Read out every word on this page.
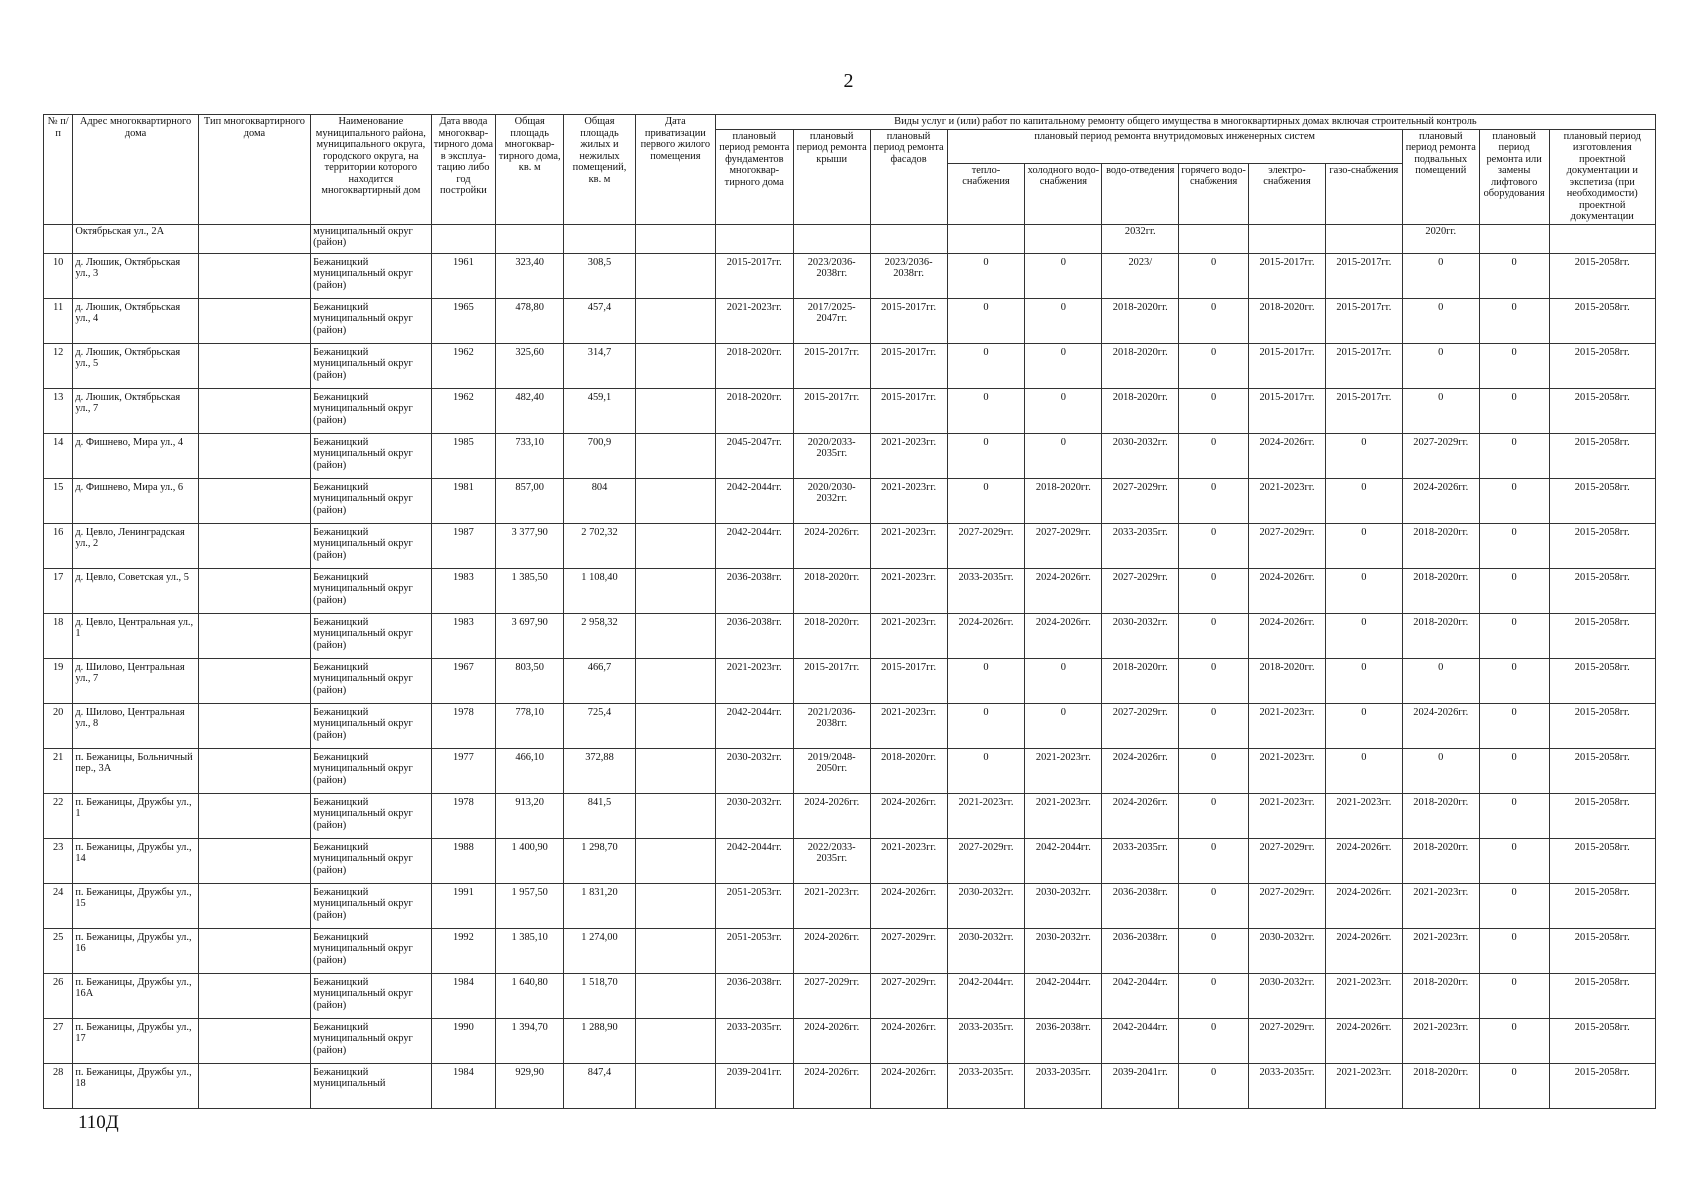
2
№ п/п	Адрес многоквартирного дома	Тип многоквартирного дома	Наименование муниципального района, муниципального округа, городского округа, на территории которого находится многоквартирный дом	Дата ввода многоквар-тирного дома в эксплуа-тацию либо год постройки	Общая площадь многоквар-тирного дома, кв. м	Общая площадь жилых и нежилых помещений, кв. м	Дата приватизации первого жилого помещения	Виды услуг и (или) работ по капитальному ремонту общего имущества в многоквартирных домах включая строительный контроль											
								плановый период ремонта фундаментов многоквар-тирного дома	плановый период ремонта крыши	плановый период ремонта фасадов	плановый период ремонта внутридомовых инженерных систем						плановый период ремонта подвальных помещений	плановый период ремонта или замены лифтового оборудования	плановый период изготовления проектной документации и экспетиза (при необходимости) проектной документации
											тепло-снабжения	холодного водо-снабжения	водо-отведения	горячего водо-снабжения	электро-снабжения	газо-снабжения			
	Октябрьская ул., 2А		муниципальный округ (район)										2032гг.				2020гг.		
10	д. Люшик, Октябрьская ул., 3		Бежаницкий муниципальный округ (район)	1961	323,40	308,5		2015-2017гг.	2023/2036-2038гг.	2023/2036-2038гг.	0	0	2023/	0	2015-2017гг.	2015-2017гг.	0	0	2015-2058гг.
11	д. Люшик, Октябрьская ул., 4		Бежаницкий муниципальный округ (район)	1965	478,80	457,4		2021-2023гг.	2017/2025-2047гг.	2015-2017гг.	0	0	2018-2020гг.	0	2018-2020гг.	2015-2017гг.	0	0	2015-2058гг.
12	д. Люшик, Октябрьская ул., 5		Бежаницкий муниципальный округ (район)	1962	325,60	314,7		2018-2020гг.	2015-2017гг.	2015-2017гг.	0	0	2018-2020гг.	0	2015-2017гг.	2015-2017гг.	0	0	2015-2058гг.
13	д. Люшик, Октябрьская ул., 7		Бежаницкий муниципальный округ (район)	1962	482,40	459,1		2018-2020гг.	2015-2017гг.	2015-2017гг.	0	0	2018-2020гг.	0	2015-2017гг.	2015-2017гг.	0	0	2015-2058гг.
14	д. Фишнево, Мира ул., 4		Бежаницкий муниципальный округ (район)	1985	733,10	700,9		2045-2047гг.	2020/2033-2035гг.	2021-2023гг.	0	0	2030-2032гг.	0	2024-2026гг.	0	2027-2029гг.	0	2015-2058гг.
15	д. Фишнево, Мира ул., 6		Бежаницкий муниципальный округ (район)	1981	857,00	804		2042-2044гг.	2020/2030-2032гг.	2021-2023гг.	0	2018-2020гг.	2027-2029гг.	0	2021-2023гг.	0	2024-2026гг.	0	2015-2058гг.
16	д. Цевло, Ленинградская ул., 2		Бежаницкий муниципальный округ (район)	1987	3 377,90	2 702,32		2042-2044гг.	2024-2026гг.	2021-2023гг.	2027-2029гг.	2027-2029гг.	2033-2035гг.	0	2027-2029гг.	0	2018-2020гг.	0	2015-2058гг.
17	д. Цевло, Советская ул., 5		Бежаницкий муниципальный округ (район)	1983	1 385,50	1 108,40		2036-2038гг.	2018-2020гг.	2021-2023гг.	2033-2035гг.	2024-2026гг.	2027-2029гг.	0	2024-2026гг.	0	2018-2020гг.	0	2015-2058гг.
18	д. Цевло, Центральная ул., 1		Бежаницкий муниципальный округ (район)	1983	3 697,90	2 958,32		2036-2038гг.	2018-2020гг.	2021-2023гг.	2024-2026гг.	2024-2026гг.	2030-2032гг.	0	2024-2026гг.	0	2018-2020гг.	0	2015-2058гг.
19	д. Шилово, Центральная ул., 7		Бежаницкий муниципальный округ (район)	1967	803,50	466,7		2021-2023гг.	2015-2017гг.	2015-2017гг.	0	0	2018-2020гг.	0	2018-2020гг.	0	0	0	2015-2058гг.
20	д. Шилово, Центральная ул., 8		Бежаницкий муниципальный округ (район)	1978	778,10	725,4		2042-2044гг.	2021/2036-2038гг.	2021-2023гг.	0	0	2027-2029гг.	0	2021-2023гг.	0	2024-2026гг.	0	2015-2058гг.
21	п. Бежаницы, Больничный пер., 3А		Бежаницкий муниципальный округ (район)	1977	466,10	372,88		2030-2032гг.	2019/2048-2050гг.	2018-2020гг.	0	2021-2023гг.	2024-2026гг.	0	2021-2023гг.	0	0	0	2015-2058гг.
22	п. Бежаницы, Дружбы ул., 1		Бежаницкий муниципальный округ (район)	1978	913,20	841,5		2030-2032гг.	2024-2026гг.	2024-2026гг.	2021-2023гг.	2021-2023гг.	2024-2026гг.	0	2021-2023гг.	2021-2023гг.	2018-2020гг.	0	2015-2058гг.
23	п. Бежаницы, Дружбы ул., 14		Бежаницкий муниципальный округ (район)	1988	1 400,90	1 298,70		2042-2044гг.	2022/2033-2035гг.	2021-2023гг.	2027-2029гг.	2042-2044гг.	2033-2035гг.	0	2027-2029гг.	2024-2026гг.	2018-2020гг.	0	2015-2058гг.
24	п. Бежаницы, Дружбы ул., 15		Бежаницкий муниципальный округ (район)	1991	1 957,50	1 831,20		2051-2053гг.	2021-2023гг.	2024-2026гг.	2030-2032гг.	2030-2032гг.	2036-2038гг.	0	2027-2029гг.	2024-2026гг.	2021-2023гг.	0	2015-2058гг.
25	п. Бежаницы, Дружбы ул., 16		Бежаницкий муниципальный округ (район)	1992	1 385,10	1 274,00		2051-2053гг.	2024-2026гг.	2027-2029гг.	2030-2032гг.	2030-2032гг.	2036-2038гг.	0	2030-2032гг.	2024-2026гг.	2021-2023гг.	0	2015-2058гг.
26	п. Бежаницы, Дружбы ул., 16А		Бежаницкий муниципальный округ (район)	1984	1 640,80	1 518,70		2036-2038гг.	2027-2029гг.	2027-2029гг.	2042-2044гг.	2042-2044гг.	2042-2044гг.	0	2030-2032гг.	2021-2023гг.	2018-2020гг.	0	2015-2058гг.
27	п. Бежаницы, Дружбы ул., 17		Бежаницкий муниципальный округ (район)	1990	1 394,70	1 288,90		2033-2035гг.	2024-2026гг.	2024-2026гг.	2033-2035гг.	2036-2038гг.	2042-2044гг.	0	2027-2029гг.	2024-2026гг.	2021-2023гг.	0	2015-2058гг.
28	п. Бежаницы, Дружбы ул., 18		Бежаницкий муниципальный	1984	929,90	847,4		2039-2041гг.	2024-2026гг.	2024-2026гг.	2033-2035гг.	2033-2035гг.	2039-2041гг.	0	2033-2035гг.	2021-2023гг.	2018-2020гг.	0	2015-2058гг.
110Д
